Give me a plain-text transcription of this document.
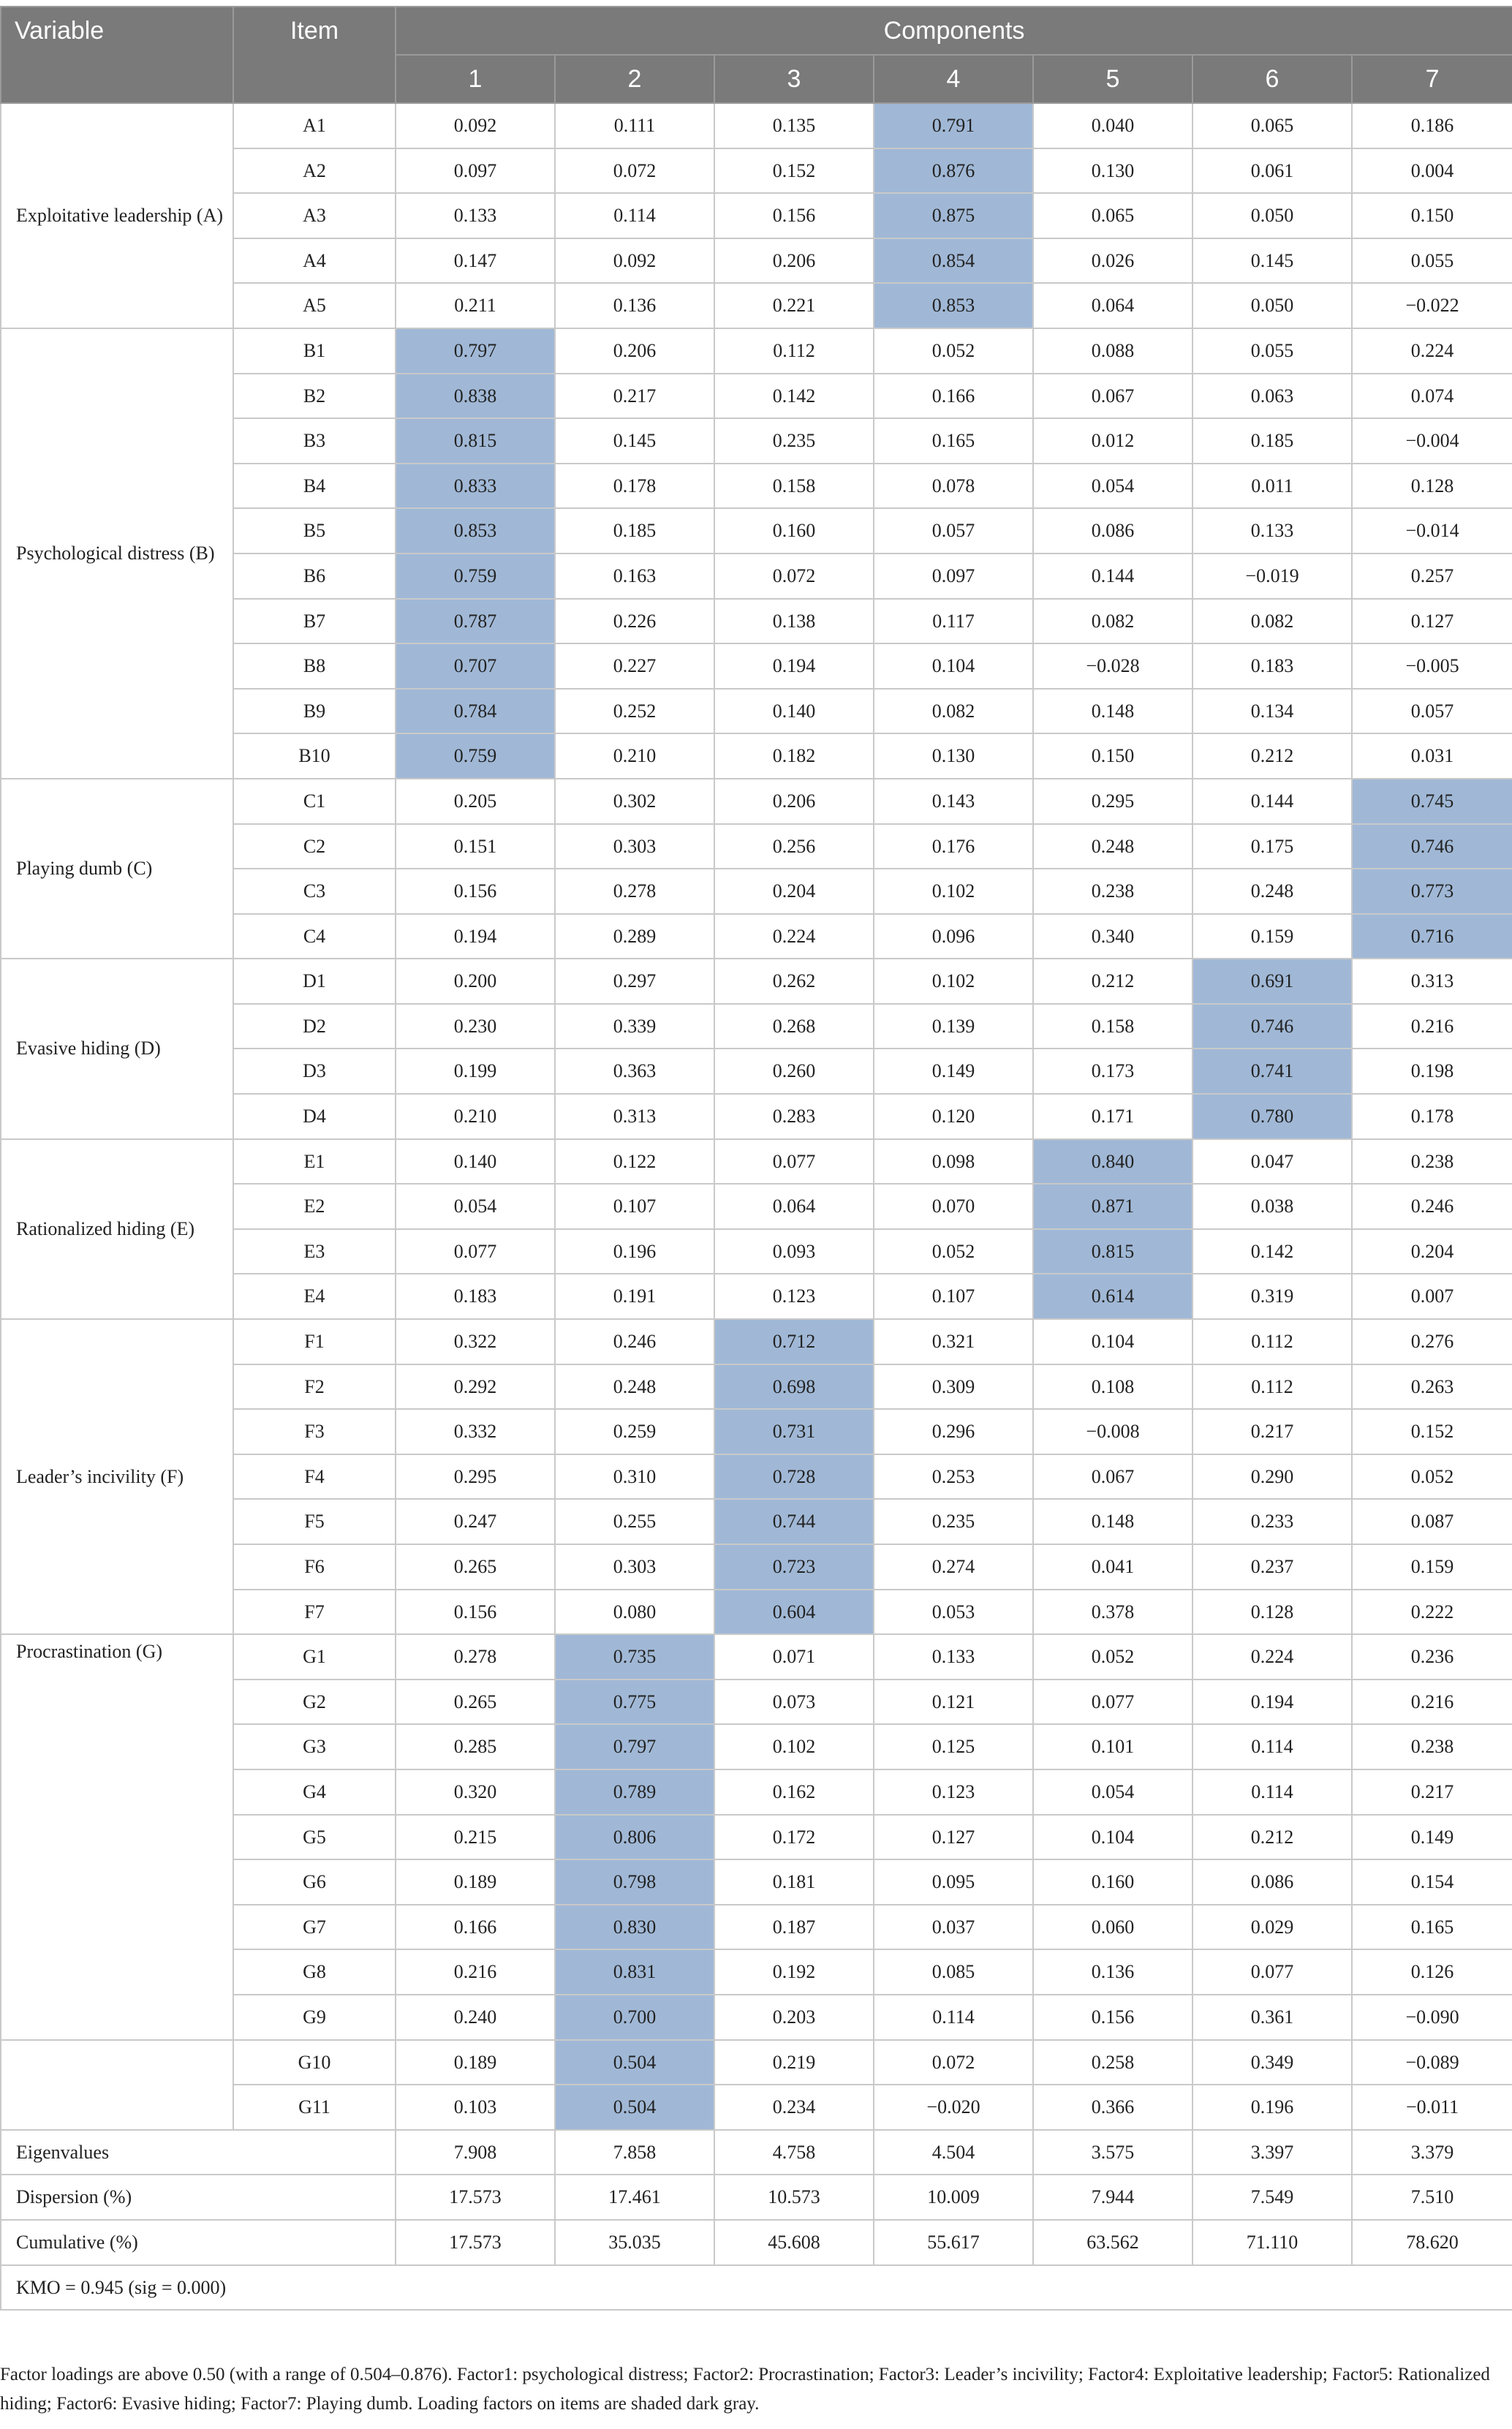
Variable	Item	Components						
		1	2	3	4	5	6	7
Exploitative leadership (A)	A1	0.092	0.111	0.135	0.791	0.040	0.065	0.186
	A2	0.097	0.072	0.152	0.876	0.130	0.061	0.004
	A3	0.133	0.114	0.156	0.875	0.065	0.050	0.150
	A4	0.147	0.092	0.206	0.854	0.026	0.145	0.055
	A5	0.211	0.136	0.221	0.853	0.064	0.050	−0.022
Psychological distress (B)	B1	0.797	0.206	0.112	0.052	0.088	0.055	0.224
	B2	0.838	0.217	0.142	0.166	0.067	0.063	0.074
	B3	0.815	0.145	0.235	0.165	0.012	0.185	−0.004
	B4	0.833	0.178	0.158	0.078	0.054	0.011	0.128
	B5	0.853	0.185	0.160	0.057	0.086	0.133	−0.014
	B6	0.759	0.163	0.072	0.097	0.144	−0.019	0.257
	B7	0.787	0.226	0.138	0.117	0.082	0.082	0.127
	B8	0.707	0.227	0.194	0.104	−0.028	0.183	−0.005
	B9	0.784	0.252	0.140	0.082	0.148	0.134	0.057
	B10	0.759	0.210	0.182	0.130	0.150	0.212	0.031
Playing dumb (C)	C1	0.205	0.302	0.206	0.143	0.295	0.144	0.745
	C2	0.151	0.303	0.256	0.176	0.248	0.175	0.746
	C3	0.156	0.278	0.204	0.102	0.238	0.248	0.773
	C4	0.194	0.289	0.224	0.096	0.340	0.159	0.716
Evasive hiding (D)	D1	0.200	0.297	0.262	0.102	0.212	0.691	0.313
	D2	0.230	0.339	0.268	0.139	0.158	0.746	0.216
	D3	0.199	0.363	0.260	0.149	0.173	0.741	0.198
	D4	0.210	0.313	0.283	0.120	0.171	0.780	0.178
Rationalized hiding (E)	E1	0.140	0.122	0.077	0.098	0.840	0.047	0.238
	E2	0.054	0.107	0.064	0.070	0.871	0.038	0.246
	E3	0.077	0.196	0.093	0.052	0.815	0.142	0.204
	E4	0.183	0.191	0.123	0.107	0.614	0.319	0.007
Leader’s incivility (F)	F1	0.322	0.246	0.712	0.321	0.104	0.112	0.276
	F2	0.292	0.248	0.698	0.309	0.108	0.112	0.263
	F3	0.332	0.259	0.731	0.296	−0.008	0.217	0.152
	F4	0.295	0.310	0.728	0.253	0.067	0.290	0.052
	F5	0.247	0.255	0.744	0.235	0.148	0.233	0.087
	F6	0.265	0.303	0.723	0.274	0.041	0.237	0.159
	F7	0.156	0.080	0.604	0.053	0.378	0.128	0.222
Procrastination (G)	G1	0.278	0.735	0.071	0.133	0.052	0.224	0.236
	G2	0.265	0.775	0.073	0.121	0.077	0.194	0.216
	G3	0.285	0.797	0.102	0.125	0.101	0.114	0.238
	G4	0.320	0.789	0.162	0.123	0.054	0.114	0.217
	G5	0.215	0.806	0.172	0.127	0.104	0.212	0.149
	G6	0.189	0.798	0.181	0.095	0.160	0.086	0.154
	G7	0.166	0.830	0.187	0.037	0.060	0.029	0.165
	G8	0.216	0.831	0.192	0.085	0.136	0.077	0.126
	G9	0.240	0.700	0.203	0.114	0.156	0.361	−0.090
	G10	0.189	0.504	0.219	0.072	0.258	0.349	−0.089
	G11	0.103	0.504	0.234	−0.020	0.366	0.196	−0.011
Eigenvalues		7.908	7.858	4.758	4.504	3.575	3.397	3.379
Dispersion (%)		17.573	17.461	10.573	10.009	7.944	7.549	7.510
Cumulative (%)		17.573	35.035	45.608	55.617	63.562	71.110	78.620
KMO = 0.945 (sig = 0.000)								
Factor loadings are above 0.50 (with a range of 0.504–0.876). Factor1: psychological distress; Factor2: Procrastination; Factor3: Leader’s incivility; Factor4: Exploitative leadership; Factor5: Rationalized hiding; Factor6: Evasive hiding; Factor7: Playing dumb. Loading factors on items are shaded dark gray.
